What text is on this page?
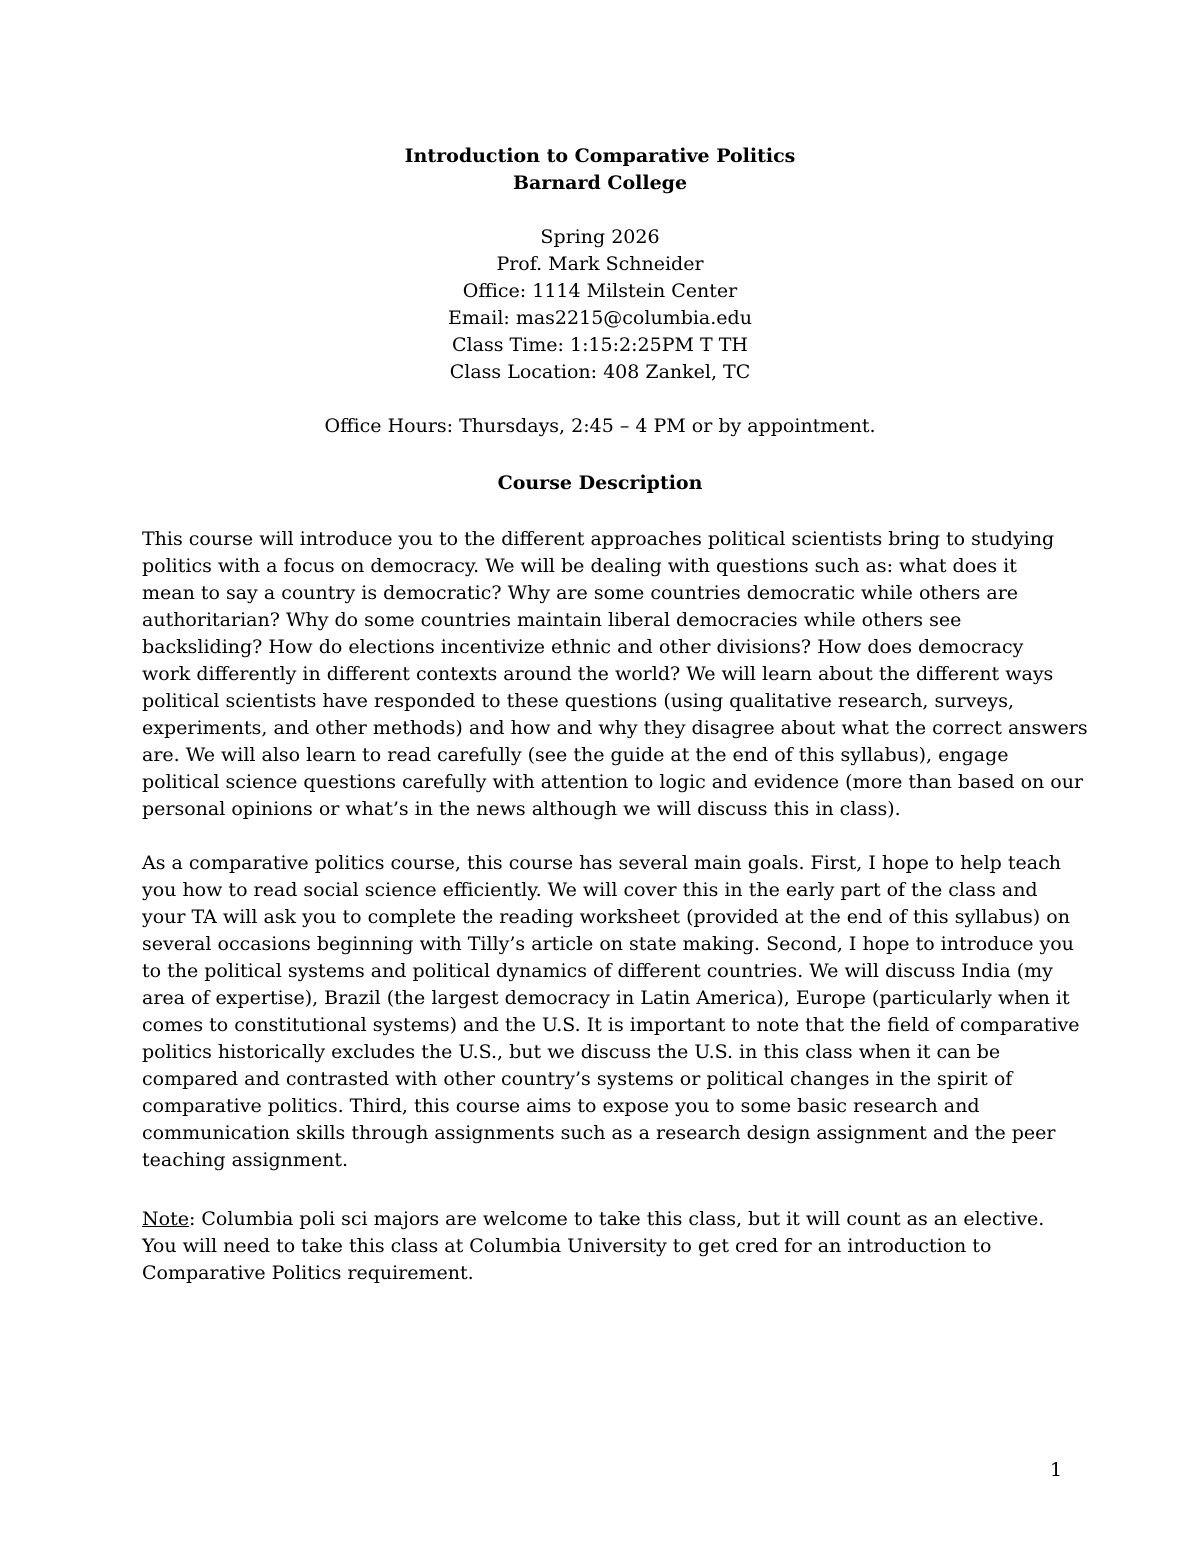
Introduction to Comparative Politics
Barnard College
Spring 2026
Prof. Mark Schneider
Office: 1114 Milstein Center
Email: mas2215@columbia.edu
Class Time: 1:15:2:25PM T TH
Class Location: 408 Zankel, TC
Office Hours: Thursdays, 2:45 – 4 PM or by appointment.
Course Description
This course will introduce you to the different approaches political scientists bring to studying
politics with a focus on democracy. We will be dealing with questions such as: what does it
mean to say a country is democratic? Why are some countries democratic while others are
authoritarian? Why do some countries maintain liberal democracies while others see
backsliding? How do elections incentivize ethnic and other divisions? How does democracy
work differently in different contexts around the world? We will learn about the different ways
political scientists have responded to these questions (using qualitative research, surveys,
experiments, and other methods) and how and why they disagree about what the correct answers
are. We will also learn to read carefully (see the guide at the end of this syllabus), engage
political science questions carefully with attention to logic and evidence (more than based on our
personal opinions or what’s in the news although we will discuss this in class).
As a comparative politics course, this course has several main goals. First, I hope to help teach
you how to read social science efficiently. We will cover this in the early part of the class and
your TA will ask you to complete the reading worksheet (provided at the end of this syllabus) on
several occasions beginning with Tilly’s article on state making. Second, I hope to introduce you
to the political systems and political dynamics of different countries. We will discuss India (my
area of expertise), Brazil (the largest democracy in Latin America), Europe (particularly when it
comes to constitutional systems) and the U.S. It is important to note that the field of comparative
politics historically excludes the U.S., but we discuss the U.S. in this class when it can be
compared and contrasted with other country’s systems or political changes in the spirit of
comparative politics. Third, this course aims to expose you to some basic research and
communication skills through assignments such as a research design assignment and the peer
teaching assignment.
Note: Columbia poli sci majors are welcome to take this class, but it will count as an elective.
You will need to take this class at Columbia University to get cred for an introduction to
Comparative Politics requirement.
1
